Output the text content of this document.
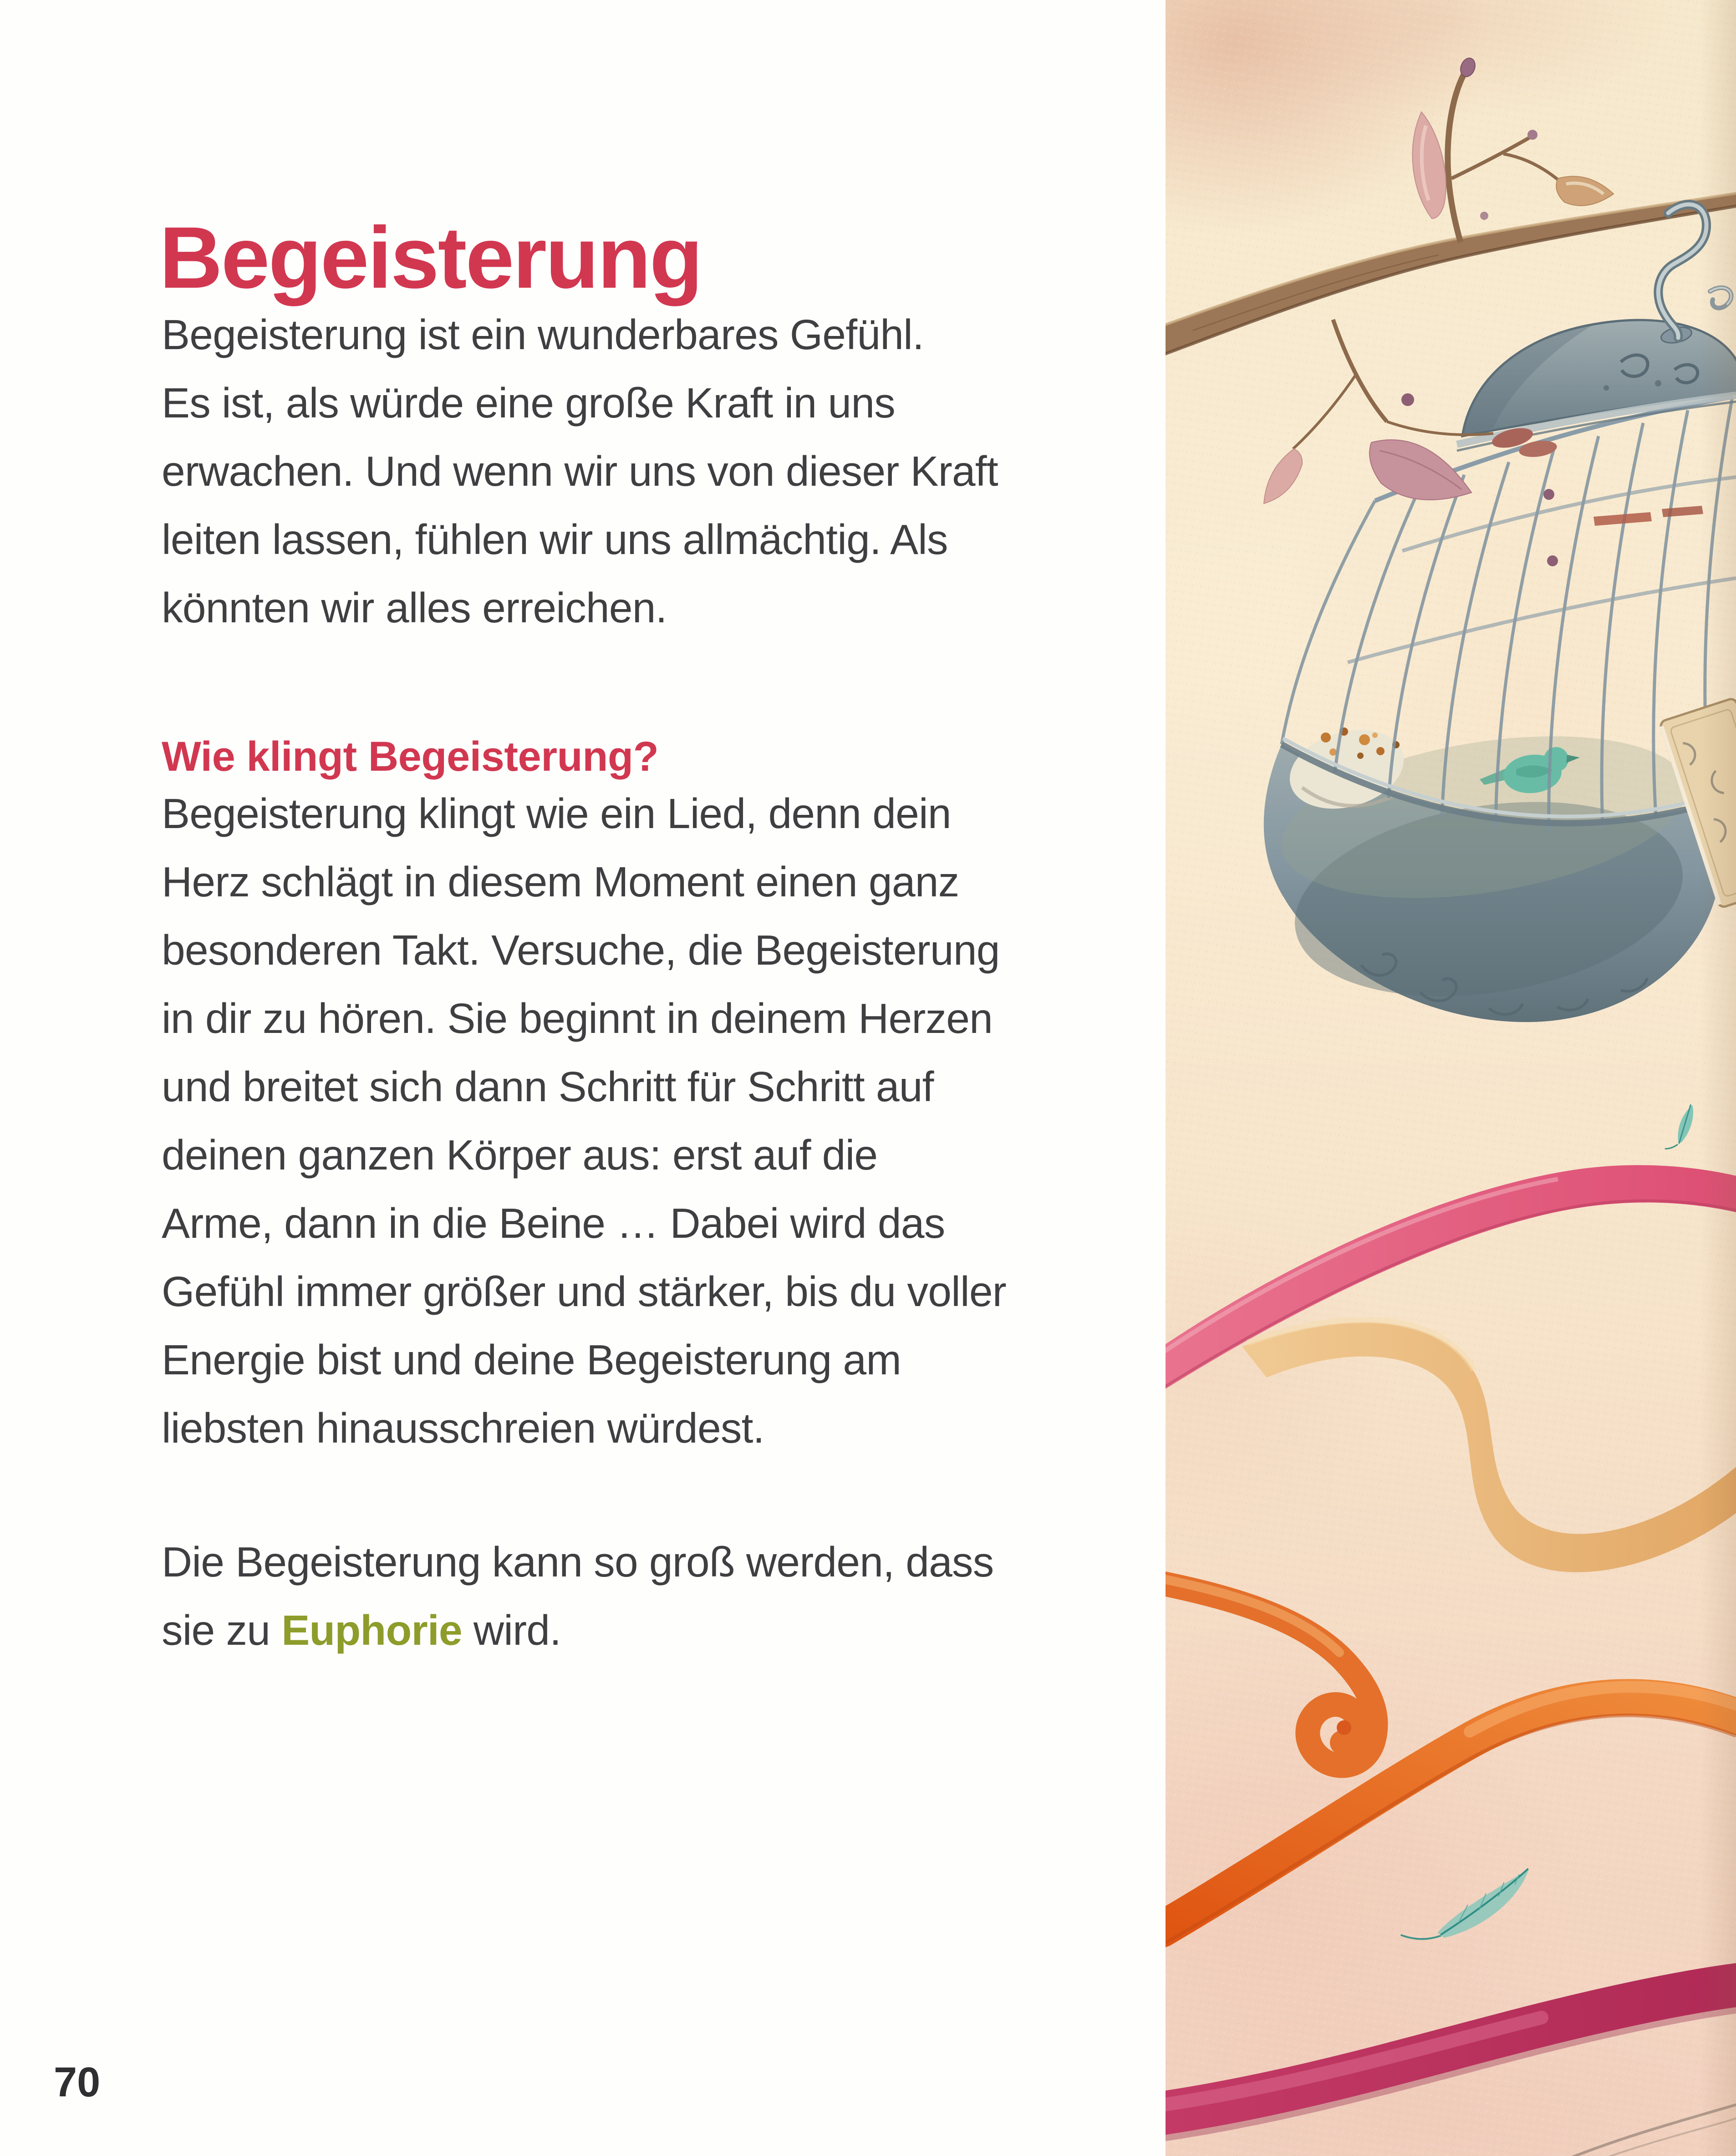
Begeisterung
Begeisterung ist ein wunderbares Gefühl.
Es ist, als würde eine große Kraft in uns
erwachen. Und wenn wir uns von dieser Kraft
leiten lassen, fühlen wir uns allmächtig. Als
könnten wir alles erreichen.
Wie klingt Begeisterung?
Begeisterung klingt wie ein Lied, denn dein
Herz schlägt in diesem Moment einen ganz
besonderen Takt. Versuche, die Begeisterung
in dir zu hören. Sie beginnt in deinem Herzen
und breitet sich dann Schritt für Schritt auf
deinen ganzen Körper aus: erst auf die
Arme, dann in die Beine … Dabei wird das
Gefühl immer größer und stärker, bis du voller
Energie bist und deine Begeisterung am
liebsten hinausschreien würdest.
Die Begeisterung kann so groß werden, dass
sie zu Euphorie wird.
70
